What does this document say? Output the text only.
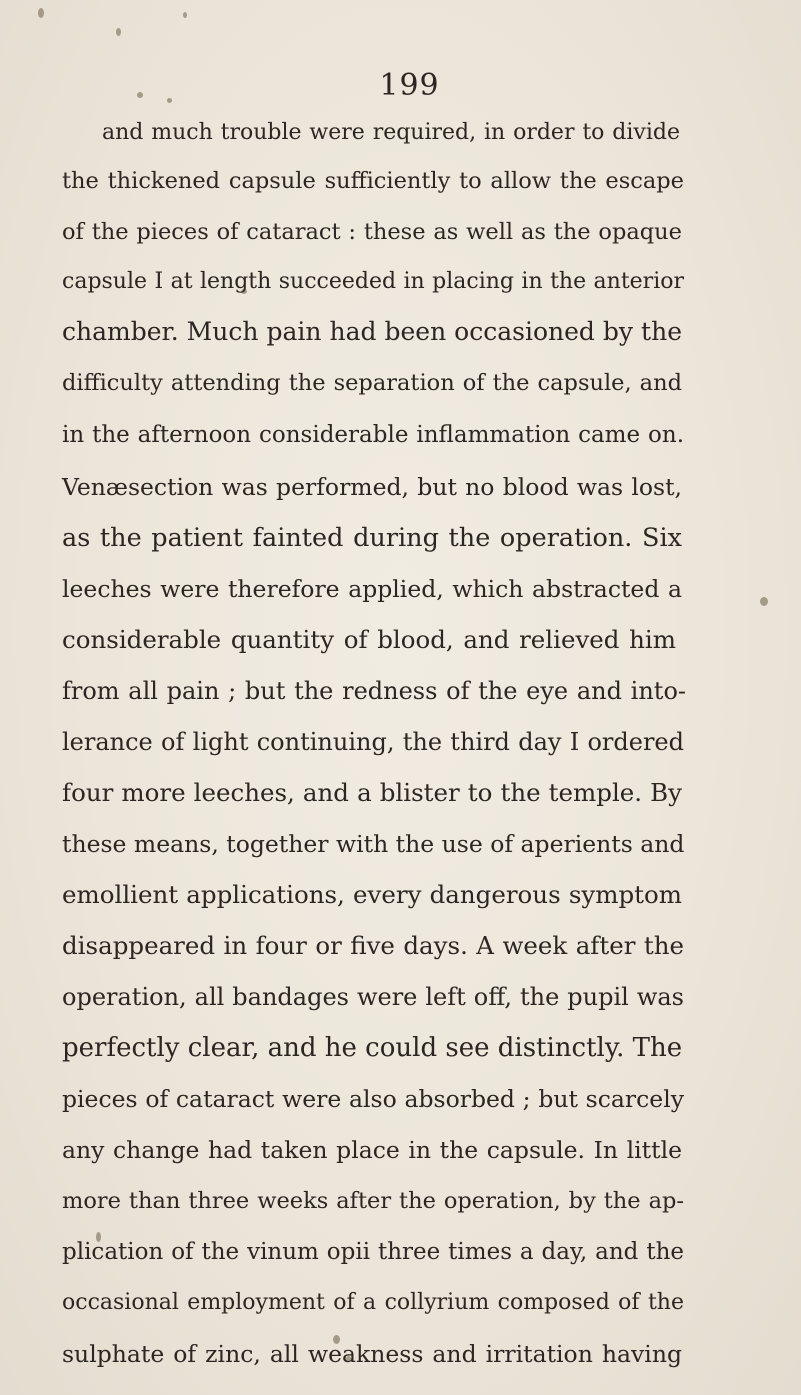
199
and much trouble were required, in order to divide
the thickened capsule sufficiently to allow the escape
of the pieces of cataract : these as well as the opaque
capsule I at length succeeded in placing in the anterior
chamber. Much pain had been occasioned by the
difficulty attending the separation of the capsule, and
in the afternoon considerable inflammation came on.
Venæsection was performed, but no blood was lost,
as the patient fainted during the operation. Six
leeches were therefore applied, which abstracted a
considerable quantity of blood, and relieved him
from all pain ; but the redness of the eye and into-
lerance of light continuing, the third day I ordered
four more leeches, and a blister to the temple. By
these means, together with the use of aperients and
emollient applications, every dangerous symptom
disappeared in four or five days. A week after the
operation, all bandages were left off, the pupil was
perfectly clear, and he could see distinctly. The
pieces of cataract were also absorbed ; but scarcely
any change had taken place in the capsule. In little
more than three weeks after the operation, by the ap-
plication of the vinum opii three times a day, and the
occasional employment of a collyrium composed of the
sulphate of zinc, all weakness and irritation having
